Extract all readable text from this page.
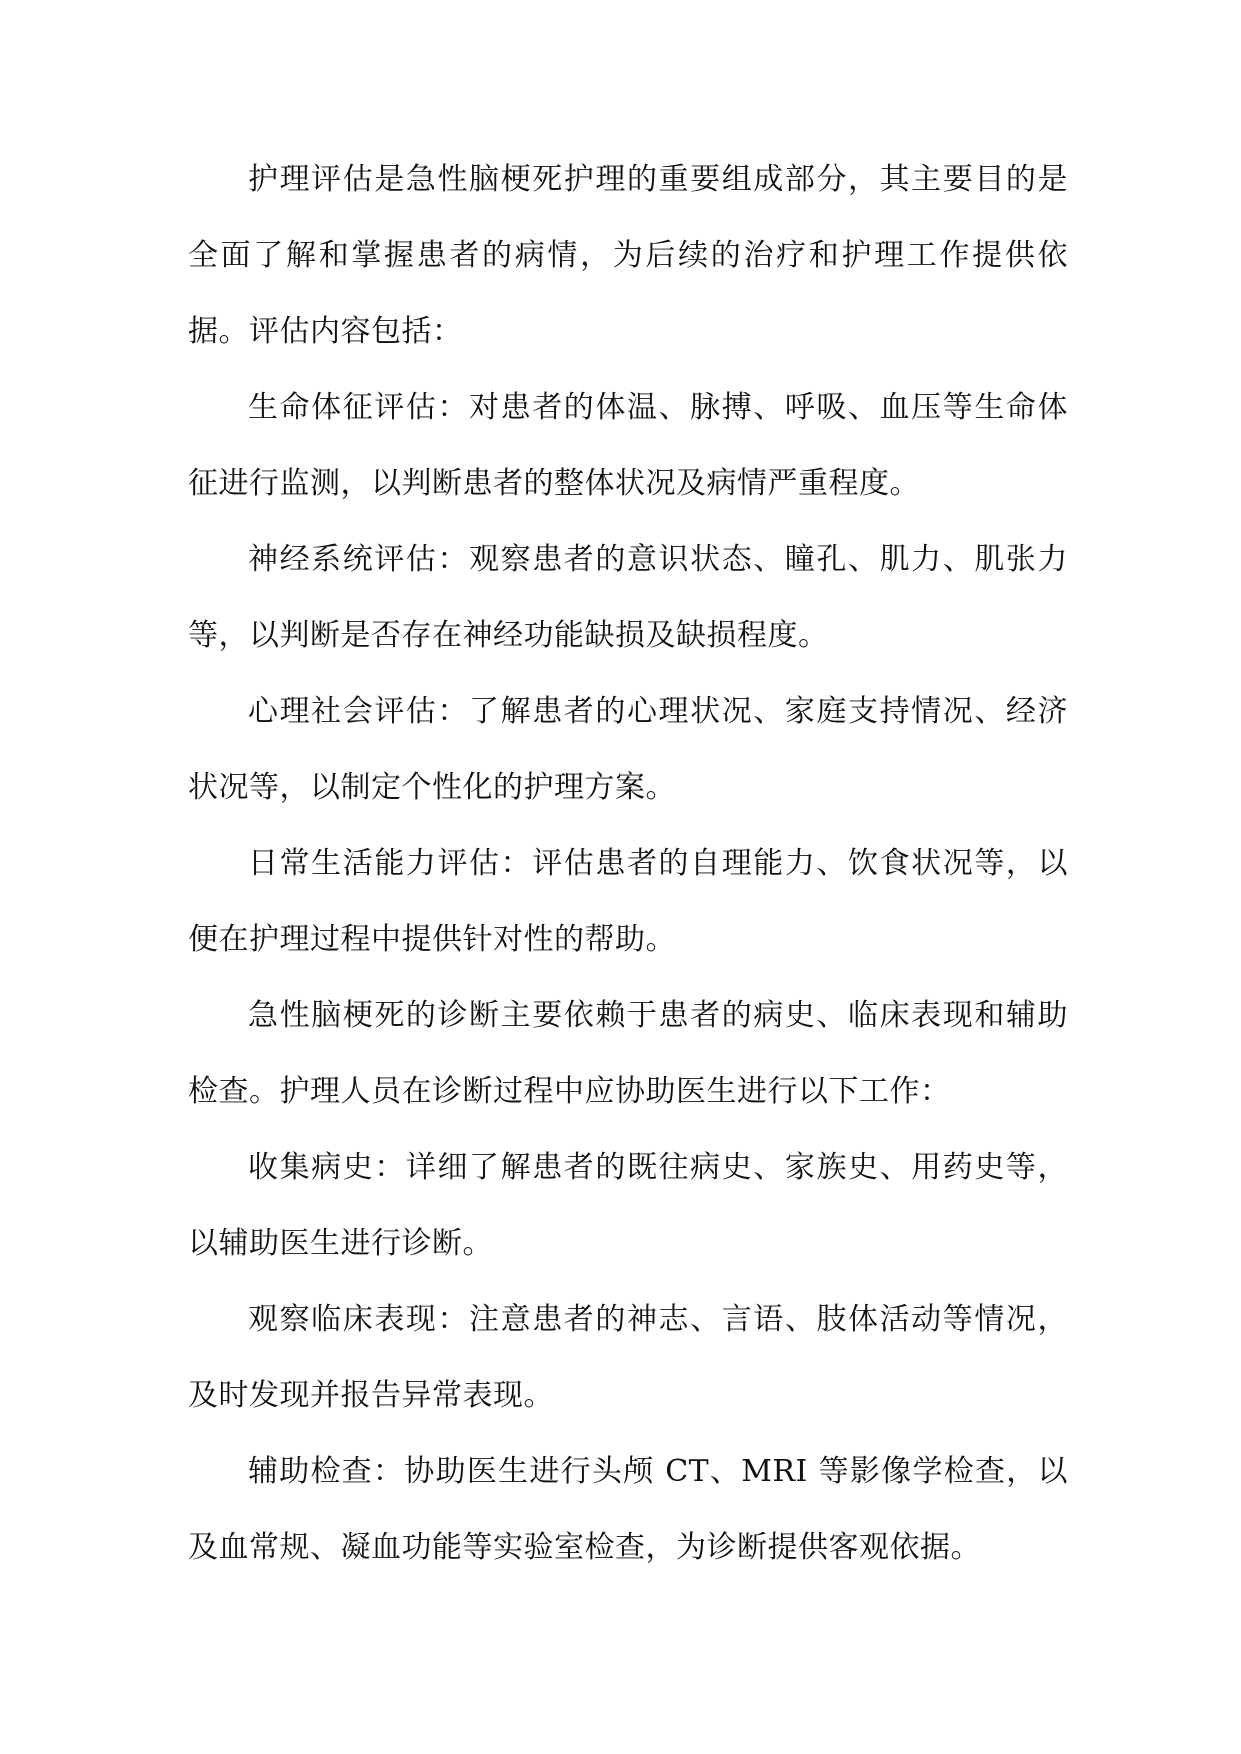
护理评估是急性脑梗死护理的重要组成部分，其主要目的是全面了解和掌握患者的病情，为后续的治疗和护理工作提供依据。评估内容包括：

生命体征评估：对患者的体温、脉搏、呼吸、血压等生命体征进行监测，以判断患者的整体状况及病情严重程度。

神经系统评估：观察患者的意识状态、瞳孔、肌力、肌张力等，以判断是否存在神经功能缺损及缺损程度。

心理社会评估：了解患者的心理状况、家庭支持情况、经济状况等，以制定个性化的护理方案。

日常生活能力评估：评估患者的自理能力、饮食状况等，以便在护理过程中提供针对性的帮助。

急性脑梗死的诊断主要依赖于患者的病史、临床表现和辅助检查。护理人员在诊断过程中应协助医生进行以下工作：

收集病史：详细了解患者的既往病史、家族史、用药史等，以辅助医生进行诊断。

观察临床表现：注意患者的神志、言语、肢体活动等情况，及时发现并报告异常表现。

辅助检查：协助医生进行头颅 CT、MRI 等影像学检查，以及血常规、凝血功能等实验室检查，为诊断提供客观依据。
